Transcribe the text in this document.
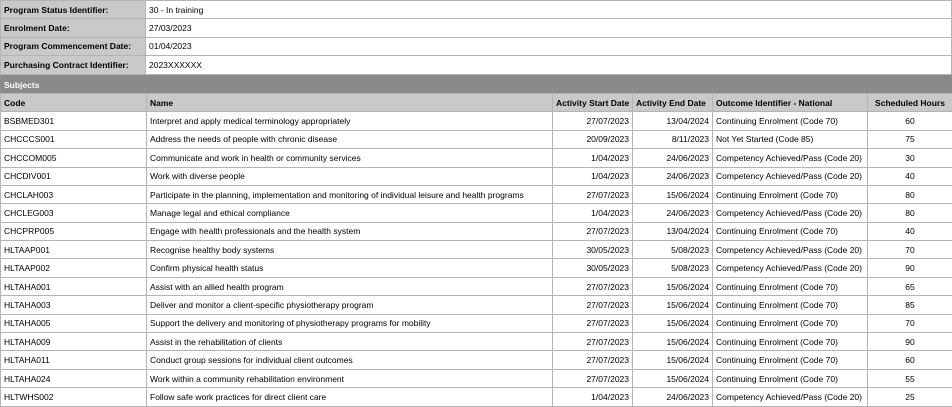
Program Status Identifier:	30 - In training
Enrolment Date:	27/03/2023
Program Commencement Date:	01/04/2023
Purchasing Contract Identifier:	2023XXXXXX
Subjects
Code	Name	Activity Start Date	Activity End Date	Outcome Identifier - National	Scheduled Hours
BSBMED301	Interpret and apply medical terminology appropriately	27/07/2023	13/04/2024	Continuing Enrolment (Code 70)	60
CHCCCS001	Address the needs of people with chronic disease	20/09/2023	8/11/2023	Not Yet Started (Code 85)	75
CHCCOM005	Communicate and work in health or community services	1/04/2023	24/06/2023	Competency Achieved/Pass (Code 20)	30
CHCDIV001	Work with diverse people	1/04/2023	24/06/2023	Competency Achieved/Pass (Code 20)	40
CHCLAH003	Participate in the planning, implementation and monitoring of individual leisure and health programs	27/07/2023	15/06/2024	Continuing Enrolment (Code 70)	80
CHCLEG003	Manage legal and ethical compliance	1/04/2023	24/06/2023	Competency Achieved/Pass (Code 20)	80
CHCPRP005	Engage with health professionals and the health system	27/07/2023	13/04/2024	Continuing Enrolment (Code 70)	40
HLTAAP001	Recognise healthy body systems	30/05/2023	5/08/2023	Competency Achieved/Pass (Code 20)	70
HLTAAP002	Confirm physical health status	30/05/2023	5/08/2023	Competency Achieved/Pass (Code 20)	90
HLTAHA001	Assist with an allied health program	27/07/2023	15/06/2024	Continuing Enrolment (Code 70)	65
HLTAHA003	Deliver and monitor a client-specific physiotherapy program	27/07/2023	15/06/2024	Continuing Enrolment (Code 70)	85
HLTAHA005	Support the delivery and monitoring of physiotherapy programs for mobility	27/07/2023	15/06/2024	Continuing Enrolment (Code 70)	70
HLTAHA009	Assist in the rehabilitation of clients	27/07/2023	15/06/2024	Continuing Enrolment (Code 70)	90
HLTAHA011	Conduct group sessions for individual client outcomes	27/07/2023	15/06/2024	Continuing Enrolment (Code 70)	60
HLTAHA024	Work within a community rehabilitation environment	27/07/2023	15/06/2024	Continuing Enrolment (Code 70)	55
HLTWHS002	Follow safe work practices for direct client care	1/04/2023	24/06/2023	Competency Achieved/Pass (Code 20)	25
